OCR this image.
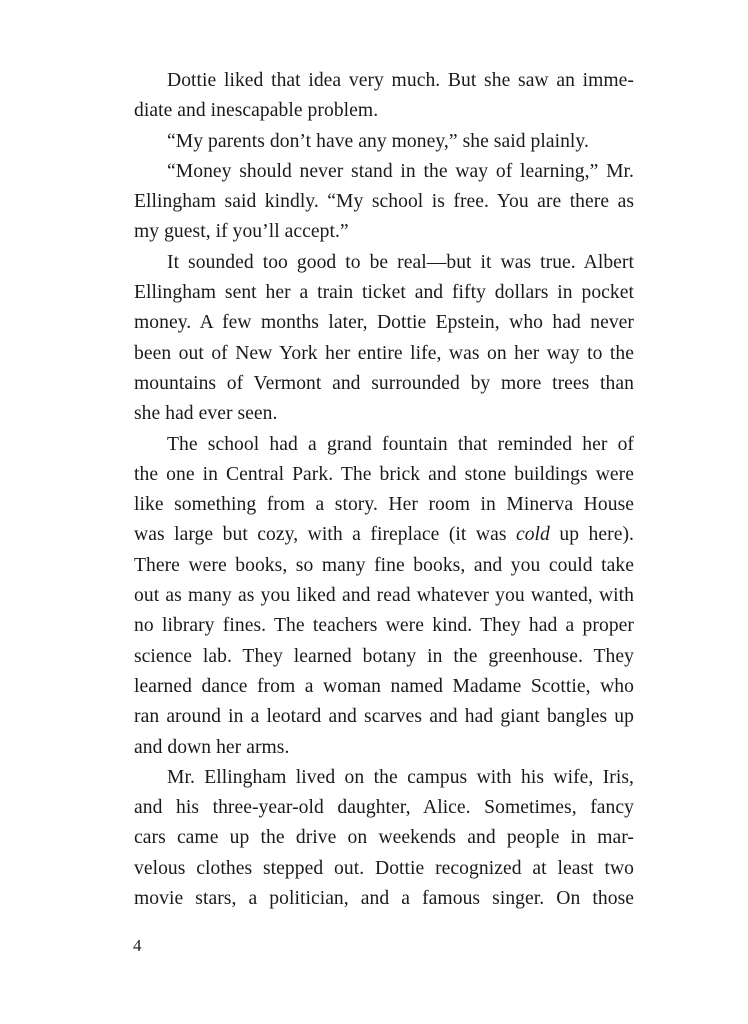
Dottie liked that idea very much. But she saw an imme-
diate and inescapable problem.
“My parents don’t have any money,” she said plainly.
“Money should never stand in the way of learning,” Mr.
Ellingham said kindly. “My school is free. You are there as
my guest, if you’ll accept.”
It sounded too good to be real—but it was true. Albert
Ellingham sent her a train ticket and fifty dollars in pocket
money. A few months later, Dottie Epstein, who had never
been out of New York her entire life, was on her way to the
mountains of Vermont and surrounded by more trees than
she had ever seen.
The school had a grand fountain that reminded her of
the one in Central Park. The brick and stone buildings were
like something from a story. Her room in Minerva House
was large but cozy, with a fireplace (it was cold up here).
There were books, so many fine books, and you could take
out as many as you liked and read whatever you wanted, with
no library fines. The teachers were kind. They had a proper
science lab. They learned botany in the greenhouse. They
learned dance from a woman named Madame Scottie, who
ran around in a leotard and scarves and had giant bangles up
and down her arms.
Mr. Ellingham lived on the campus with his wife, Iris,
and his three-year-old daughter, Alice. Sometimes, fancy
cars came up the drive on weekends and people in mar-
velous clothes stepped out. Dottie recognized at least two
movie stars, a politician, and a famous singer. On those
4
